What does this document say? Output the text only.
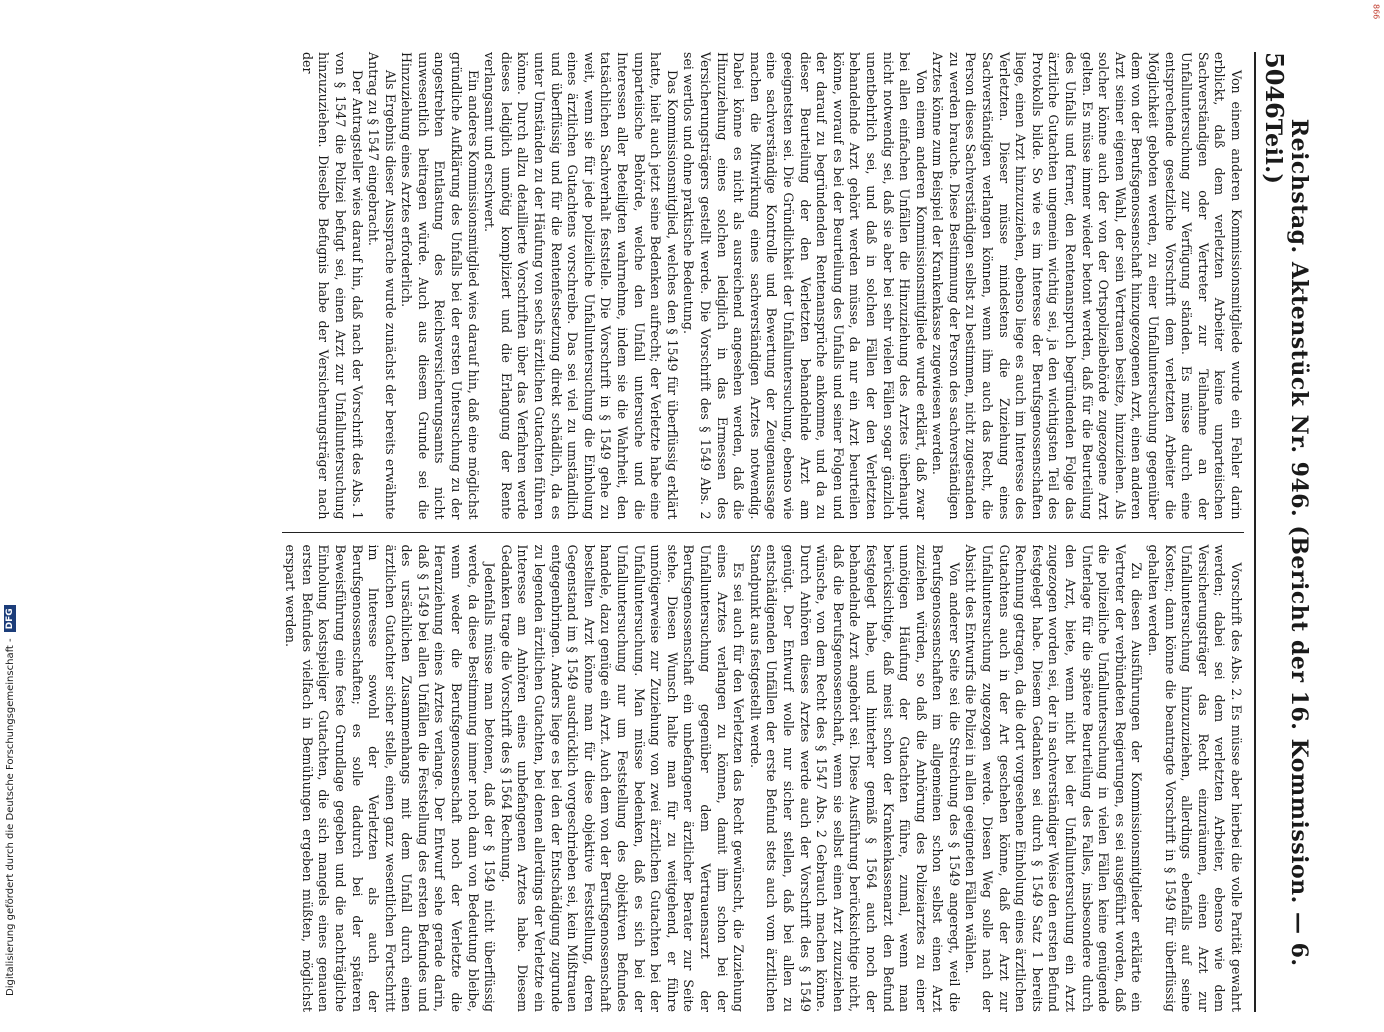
5046
Reichstag. Aktenstück Nr. 946. (Bericht der 16. Kommission. — 6. Teil.)

Von einem anderen Kommissionsmitgliede wurde ein Fehler darin erblickt, daß dem verletzten Arbeiter keine unparteiischen Sachverständigen oder Vertreter zur Teilnahme an der Unfalluntersuchung zur Verfügung ständen. Es müsse durch eine entsprechende gesetzliche Vorschrift dem verletzten Arbeiter die Möglichkeit geboten werden, zu einer Unfalluntersuchung gegenüber dem von der Berufsgenossenschaft hinzugezogenen Arzt, einen anderen Arzt seiner eigenen Wahl, der sein Vertrauen besitze, hinzuziehen. Als solcher könne auch der von der Ortspolizeibehörde zugezogene Arzt gelten. Es müsse immer wieder betont werden, daß für die Beurteilung des Unfalls und ferner, den Rentenanspruch begründenden Folge das ärztliche Gutachten ungemein wichtig sei, ja den wichtigsten Teil des Protokolls bilde. So wie es im Interesse der Berufsgenossenschaften liege, einen Arzt hinzuzuziehen, ebenso liege es auch im Interesse des Verletzten. Dieser müsse mindestens die Zuziehung eines Sachverständigen verlangen können, wenn ihm auch das Recht, die Person dieses Sachverständigen selbst zu bestimmen, nicht zugestanden zu werden brauche. Diese Bestimmung der Person des sachverständigen Arztes könne zum Beispiel der Krankenkasse zugewiesen werden.

Von einem anderen Kommissionsmitgliede wurde erklärt, daß zwar bei allen einfachen Unfällen die Hinzuziehung des Arztes überhaupt nicht notwendig sei, daß sie aber bei sehr vielen Fällen sogar gänzlich unentbehrlich sei, und daß in solchen Fällen der den Verletzten behandelnde Arzt gehört werden müsse, da nur ein Arzt beurteilen könne, worauf es bei der Beurteilung des Unfalls und seiner Folgen und der darauf zu begründenden Rentenansprüche ankomme, und da zu dieser Beurteilung der den Verletzten behandelnde Arzt am geeignetsten sei. Die Gründlichkeit der Unfalluntersuchung, ebenso wie eine sachverständige Kontrolle und Bewertung der Zeugenaussage machen die Mitwirkung eines sachverständigen Arztes notwendig. Dabei könne es nicht als ausreichend angesehen werden, daß die Hinzuziehung eines solchen lediglich in das Ermessen des Versicherungsträgers gestellt werde. Die Vorschrift des § 1549 Abs. 2 sei wertlos und ohne praktische Bedeutung.

Das Kommissionsmitglied, welches den § 1549 für überflüssig erklärt hatte, hielt auch jetzt seine Bedenken aufrecht; der Verletzte habe eine unparteiische Behörde, welche den Unfall untersuche und die Interessen aller Beteiligten wahrnehme, indem sie die Wahrheit, den tatsächlichen Sachverhalt feststelle. Die Vorschrift in § 1549 gehe zu weit, wenn sie für jede polizeiliche Unfalluntersuchung die Einholung eines ärztlichen Gutachtens vorschreibe. Das sei viel zu umständlich und überflüssig und für die Rentenfestsetzung direkt schädlich, da es unter Umständen zu der Häufung von sechs ärztlichen Gutachten führen könne. Durch allzu detaillierte Vorschriften über das Verfahren werde dieses lediglich unnötig kompliziert und die Erlangung der Rente verlangsamt und erschwert.

Ein anderes Kommissionsmitglied wies darauf hin, daß eine möglichst gründliche Aufklärung des Unfalls bei der ersten Untersuchung zu der angestrebten Entlastung des Reichsversicherungsamts nicht unwesentlich beitragen würde. Auch aus diesem Grunde sei die Hinzuziehung eines Arztes erforderlich.

Als Ergebnis dieser Aussprache wurde zunächst der bereits erwähnte Antrag zu § 1547 eingebracht.

Der Antragsteller wies darauf hin, daß nach der Vorschrift des Abs. 1 von § 1547 die Polizei befugt sei, einen Arzt zur Unfalluntersuchung hinzuzuziehen. Dieselbe Befugnis habe der Versicherungsträger nach der

Vorschrift des Abs. 2. Es müsse aber hierbei die volle Parität gewahrt werden; dabei sei dem verletzten Arbeiter, ebenso wie dem Versicherungsträger das Recht einzuräumen, einen Arzt zur Unfalluntersuchung hinzuzuziehen, allerdings ebenfalls auf seine Kosten; dann könne die beantragte Vorschrift in § 1549 für überflüssig gehalten werden.

Zu diesen Ausführungen der Kommissionsmitglieder erklärte ein Vertreter der verbündeten Regierungen, es sei ausgeführt worden, daß die polizeiliche Unfalluntersuchung in vielen Fällen keine genügende Unterlage für die spätere Beurteilung des Falles, insbesondere durch den Arzt, biete, wenn nicht bei der Unfalluntersuchung ein Arzt zugezogen worden sei, der in sachverständiger Weise den ersten Befund festgelegt habe. Diesem Gedanken sei durch § 1549 Satz 1 bereits Rechnung getragen, da die dort vorgesehene Einholung eines ärztlichen Gutachtens auch in der Art geschehen könne, daß der Arzt zur Unfalluntersuchung zugezogen werde. Diesen Weg solle nach der Absicht des Entwurfs die Polizei in allen geeigneten Fällen wählen.

Von anderer Seite sei die Streichung des § 1549 angeregt, weil die Berufsgenossenschaften im allgemeinen schon selbst einen Arzt zuziehen würden, so daß die Anhörung des Polizeiarztes zu einer unnötigen Häufung der Gutachten führe, zumal, wenn man berücksichtige, daß meist schon der Krankenkassenarzt den Befund festgelegt habe, und hinterher gemäß § 1564 auch noch der behandelnde Arzt angehört sei. Diese Ausführung berücksichtige nicht, daß die Berufsgenossenschaft, wenn sie selbst einen Arzt zuzuziehen wünsche, von dem Recht des § 1547 Abs. 2 Gebrauch machen könne. Durch Anhören dieses Arztes werde auch der Vorschrift des § 1549 genügt. Der Entwurf wolle nur sicher stellen, daß bei allen zu entschädigenden Unfällen der erste Befund stets auch vom ärztlichen Standpunkt aus festgestellt werde.

Es sei auch für den Verletzten das Recht gewünscht, die Zuziehung eines Arztes verlangen zu können, damit ihm schon bei der Unfalluntersuchung gegenüber dem Vertrauensarzt der Berufsgenossenschaft ein unbefangener ärztlicher Berater zur Seite stehe. Diesen Wunsch halte man für zu weitgehend, er führe unnötigerweise zur Zuziehung von zwei ärztlichen Gutachten bei der Unfalluntersuchung. Man müsse bedenken, daß es sich bei der Unfalluntersuchung nur um Feststellung des objektiven Befundes handele, dazu genüge ein Arzt. Auch dem von der Berufsgenossenschaft bestellten Arzt könne man für diese objektive Feststellung, deren Gegenstand im § 1549 ausdrücklich vorgeschrieben sei, kein Mißtrauen entgegenbringen. Anders liege es bei den der Entschädigung zugrunde zu legenden ärztlichen Gutachten, bei denen allerdings der Verletzte ein Interesse am Anhören eines unbefangenen Arztes habe. Diesem Gedanken trage die Vorschrift des § 1564 Rechnung.

Jedenfalls müsse man betonen, daß der § 1549 nicht überflüssig werde, da diese Bestimmung immer noch dann von Bedeutung bleibe, wenn weder die Berufsgenossenschaft noch der Verletzte die Heranziehung eines Arztes verlange. Der Entwurf sehe gerade darin, daß § 1549 bei allen Unfällen die Feststellung des ersten Befundes und des ursächlichen Zusammenhangs mit dem Unfall durch einen ärztlichen Gutachter sicher stelle, einen ganz wesentlichen Fortschritt im Interesse sowohl der Verletzten als auch der Berufsgenossenschaften; es solle dadurch bei der späteren Beweisführung eine feste Grundlage gegeben und die nachträgliche Einholung kostspieliger Gutachten, die sich mangels eines genauen ersten Befundes vielfach in Bemühungen ergeben müßten, möglichst erspart werden.

Digitalisierung gefördert durch die Deutsche Forschungsgemeinschaft -
DFG
866
